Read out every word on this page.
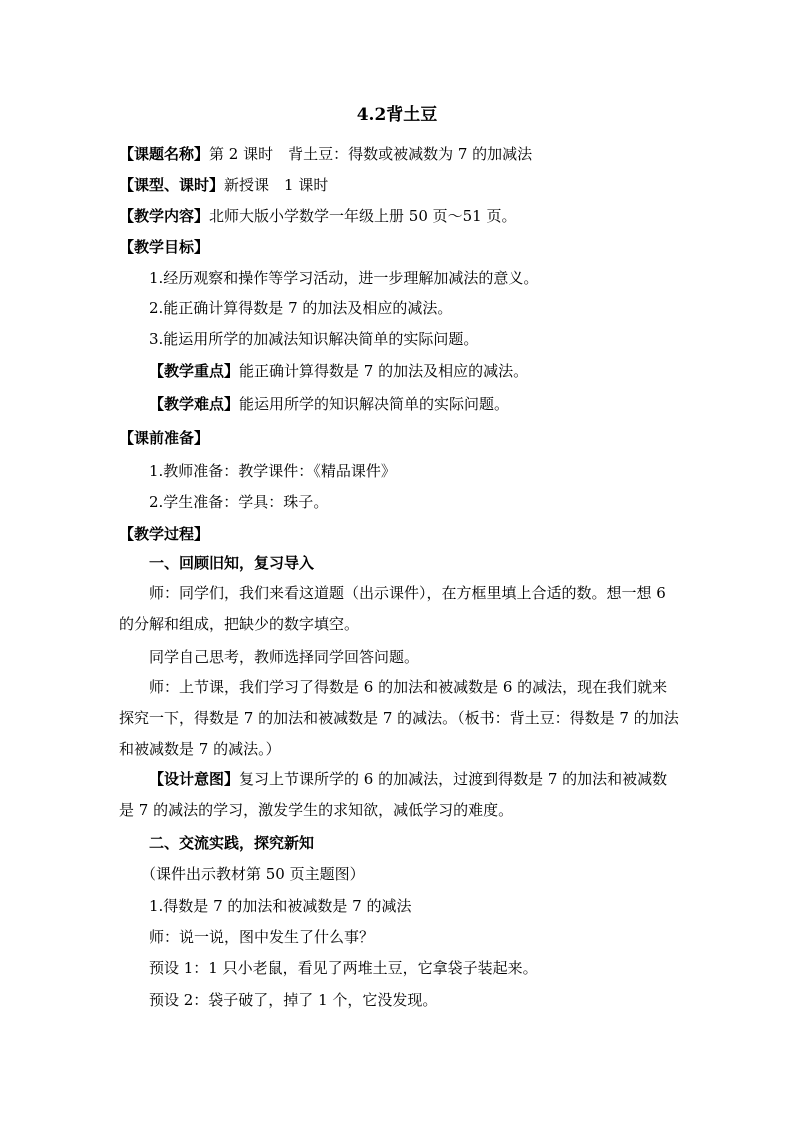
4.2背土豆
【课题名称】第 2 课时　背土豆：得数或被减数为 7 的加减法
【课型、课时】新授课　1 课时
【教学内容】北师大版小学数学一年级上册 50 页～51 页。
【教学目标】
1.经历观察和操作等学习活动，进一步理解加减法的意义。
2.能正确计算得数是 7 的加法及相应的减法。
3.能运用所学的加减法知识解决简单的实际问题。
【教学重点】能正确计算得数是 7 的加法及相应的减法。
【教学难点】能运用所学的知识解决简单的实际问题。
【课前准备】
1.教师准备：教学课件：《精品课件》
2.学生准备：学具：珠子。
【教学过程】
一、回顾旧知，复习导入
师：同学们，我们来看这道题（出示课件），在方框里填上合适的数。想一想 6 的分解和组成，把缺少的数字填空。
同学自己思考，教师选择同学回答问题。
师：上节课，我们学习了得数是 6 的加法和被减数是 6 的减法，现在我们就来探究一下，得数是 7 的加法和被减数是 7 的减法。（板书：背土豆：得数是 7 的加法和被减数是 7 的减法。）
【设计意图】复习上节课所学的 6 的加减法，过渡到得数是 7 的加法和被减数是 7 的减法的学习，激发学生的求知欲，减低学习的难度。
二、交流实践，探究新知
（课件出示教材第 50 页主题图）
1.得数是 7 的加法和被减数是 7 的减法
师：说一说，图中发生了什么事？
预设 1：1 只小老鼠，看见了两堆土豆，它拿袋子装起来。
预设 2：袋子破了，掉了 1 个，它没发现。
